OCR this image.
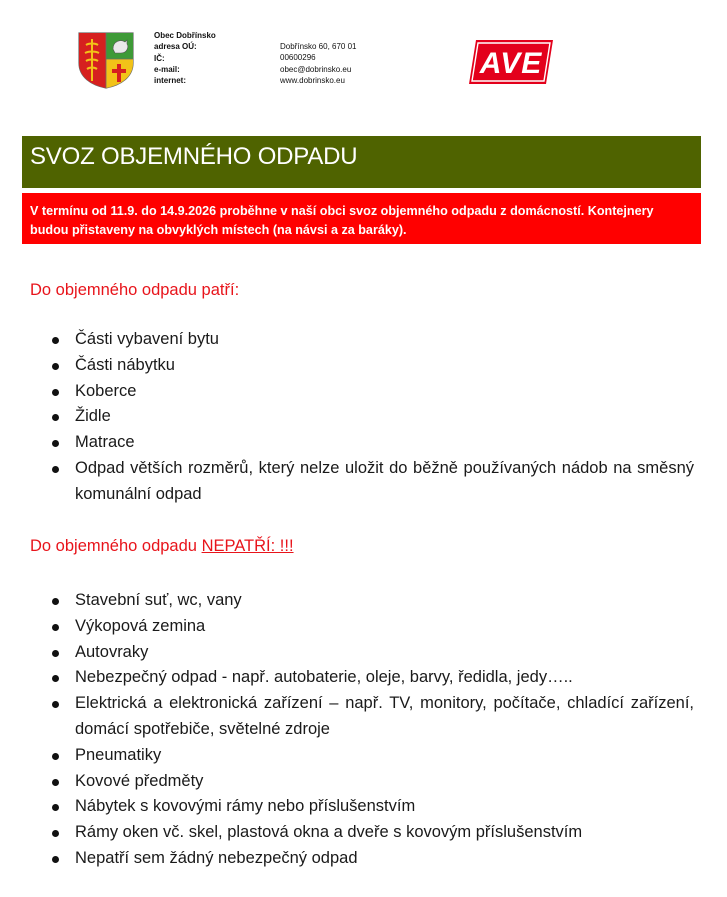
Obec Dobřínsko
adresa OÚ:
IČ:
e-mail:
internet:
Dobřínsko 60, 670 01
00600296
obec@dobrinsko.eu
www.dobrinsko.eu
AVE
SVOZ OBJEMNÉHO ODPADU
V termínu od 11.9. do 14.9.2026 proběhne v naší obci svoz objemného odpadu z domácností. Kontejnery budou přistaveny na obvyklých místech (na návsi a za baráky).
Do objemného odpadu patří:
Části vybavení bytu
Části nábytku
Koberce
Židle
Matrace
Odpad větších rozměrů, který nelze uložit do běžně používaných nádob na směsný komunální odpad
Do objemného odpadu NEPATŘÍ: !!!
Stavební suť, wc, vany
Výkopová zemina
Autovraky
Nebezpečný odpad - např. autobaterie, oleje, barvy, ředidla, jedy…..
Elektrická a elektronická zařízení – např. TV, monitory, počítače, chladící zařízení, domácí spotřebiče, světelné zdroje
Pneumatiky
Kovové předměty
Nábytek s kovovými rámy nebo příslušenstvím
Rámy oken vč. skel, plastová okna a dveře s kovovým příslušenstvím
Nepatří sem žádný nebezpečný odpad
